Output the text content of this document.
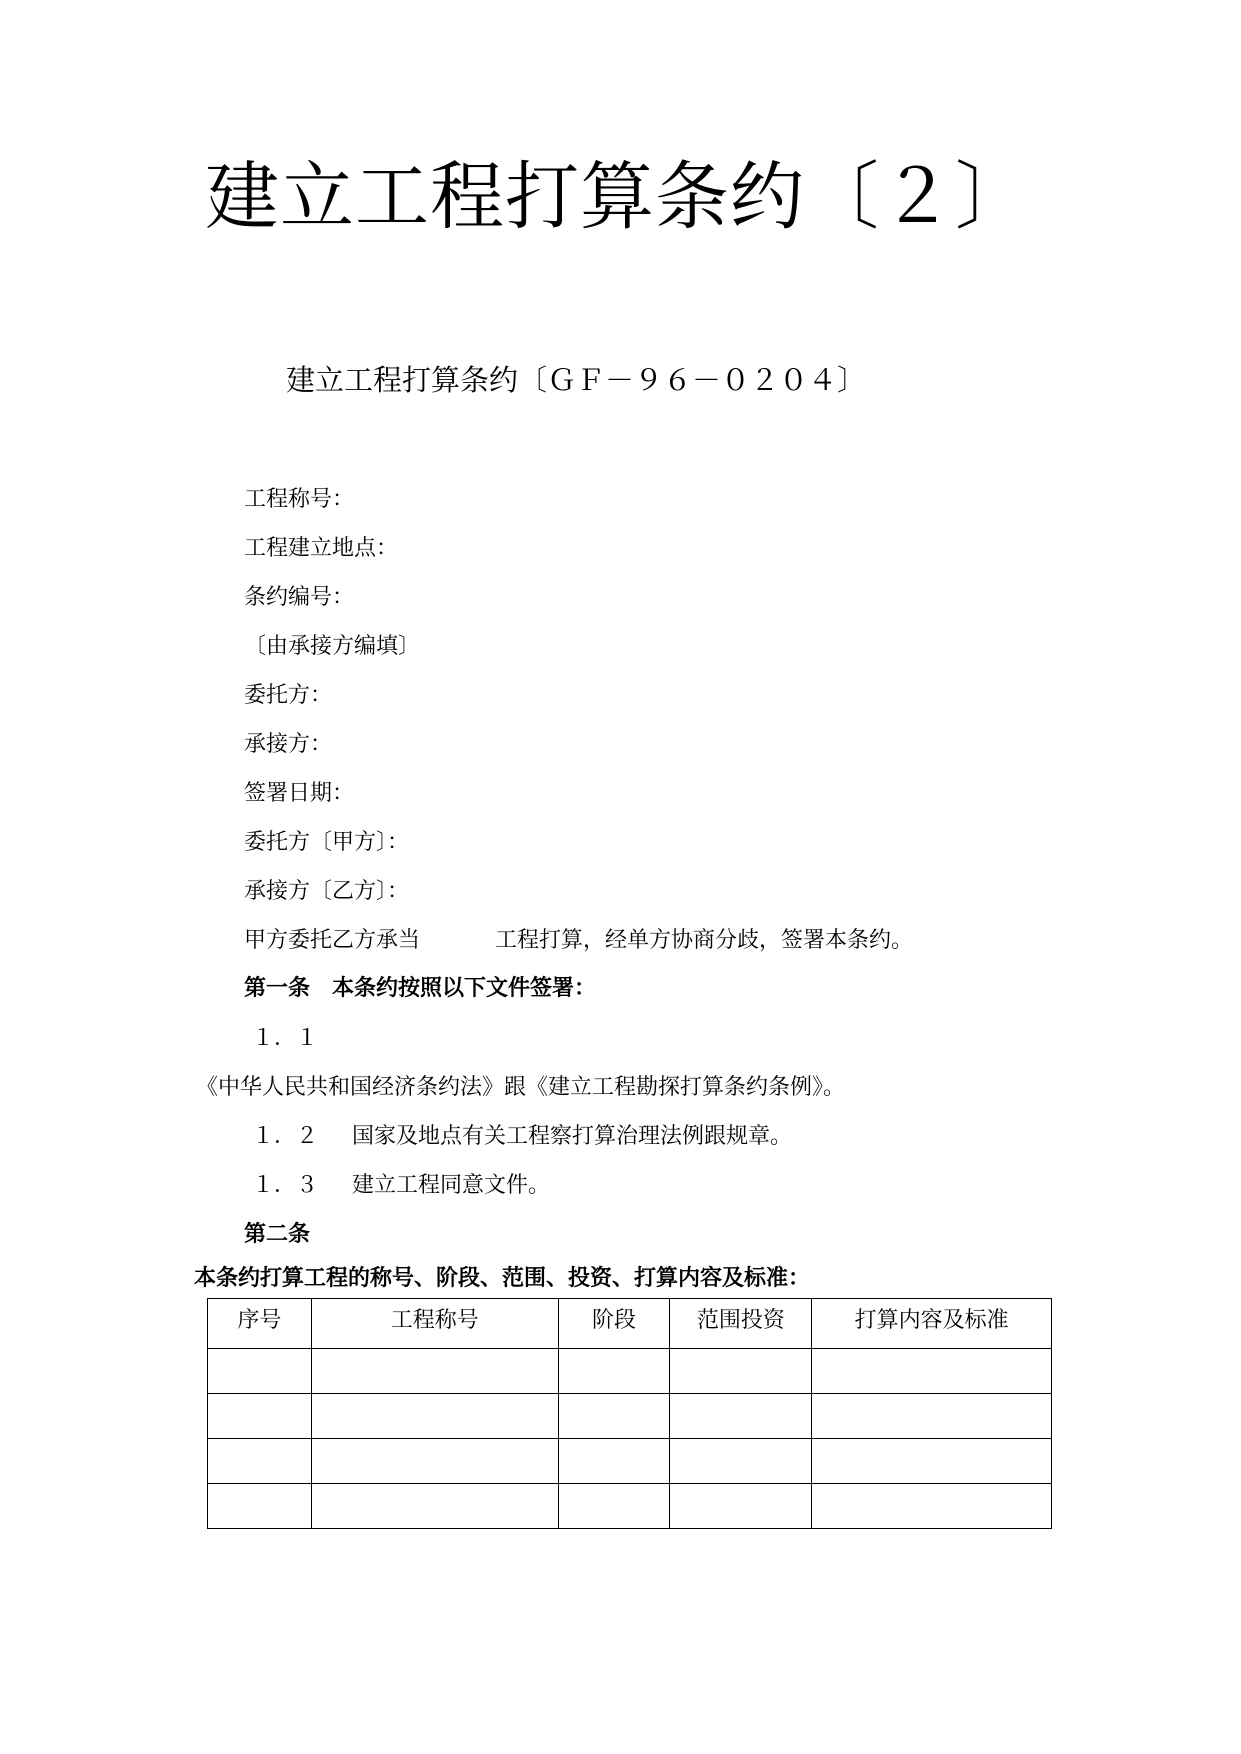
建立工程打算条约〔２〕
建立工程打算条约〔ＧＦ－９６－０２０４〕
工程称号：
工程建立地点：
条约编号：
〔由承接方编填〕
委托方：
承接方：
签署日期：
委托方〔甲方〕：
承接方〔乙方〕：
甲方委托乙方承当	工程打算，经单方协商分歧，签署本条约。
第一条　本条约按照以下文件签署：
１．１
《中华人民共和国经济条约法》跟《建立工程勘探打算条约条例》。
１．２ 国家及地点有关工程察打算治理法例跟规章。
１．３ 建立工程同意文件。
第二条
本条约打算工程的称号、阶段、范围、投资、打算内容及标准：
序号	工程称号	阶段	范围投资	打算内容及标准
